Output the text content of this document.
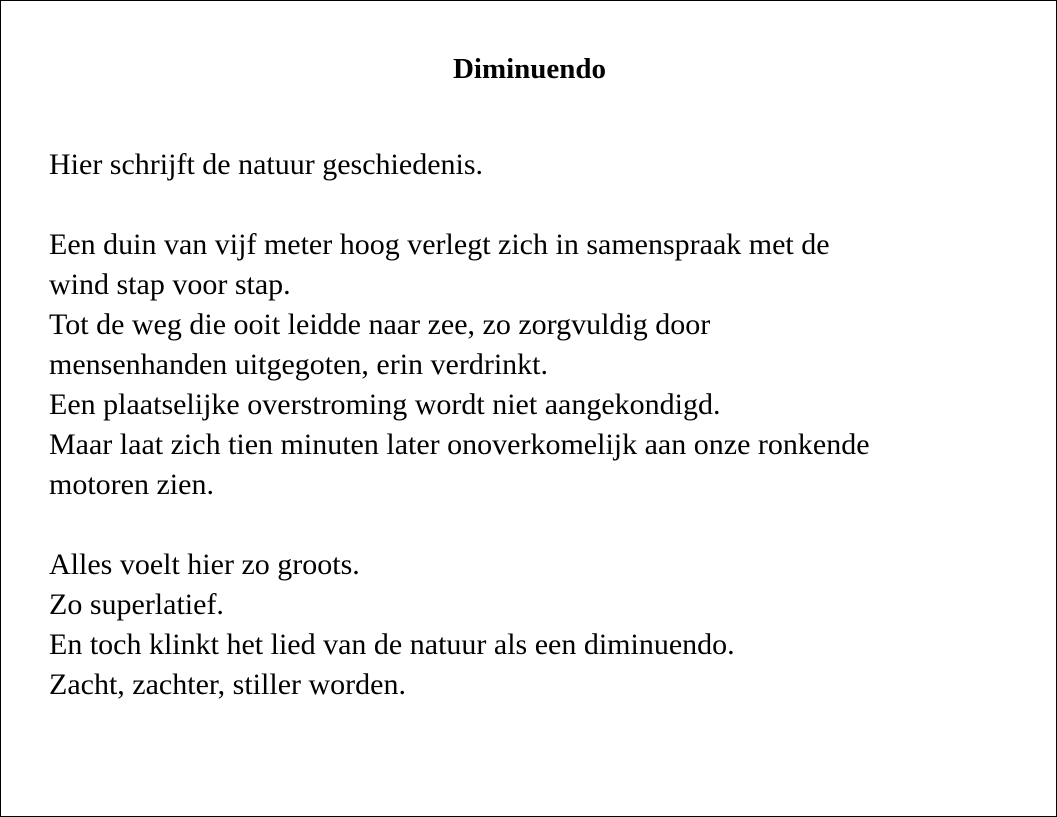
Diminuendo
Hier schrijft de natuur geschiedenis.
Een duin van vijf meter hoog verlegt zich in samenspraak met de
wind stap voor stap.
Tot de weg die ooit leidde naar zee, zo zorgvuldig door
mensenhanden uitgegoten, erin verdrinkt.
Een plaatselijke overstroming wordt niet aangekondigd.
Maar laat zich tien minuten later onoverkomelijk aan onze ronkende
motoren zien.
Alles voelt hier zo groots.
Zo superlatief.
En toch klinkt het lied van de natuur als een diminuendo.
Zacht, zachter, stiller worden.
